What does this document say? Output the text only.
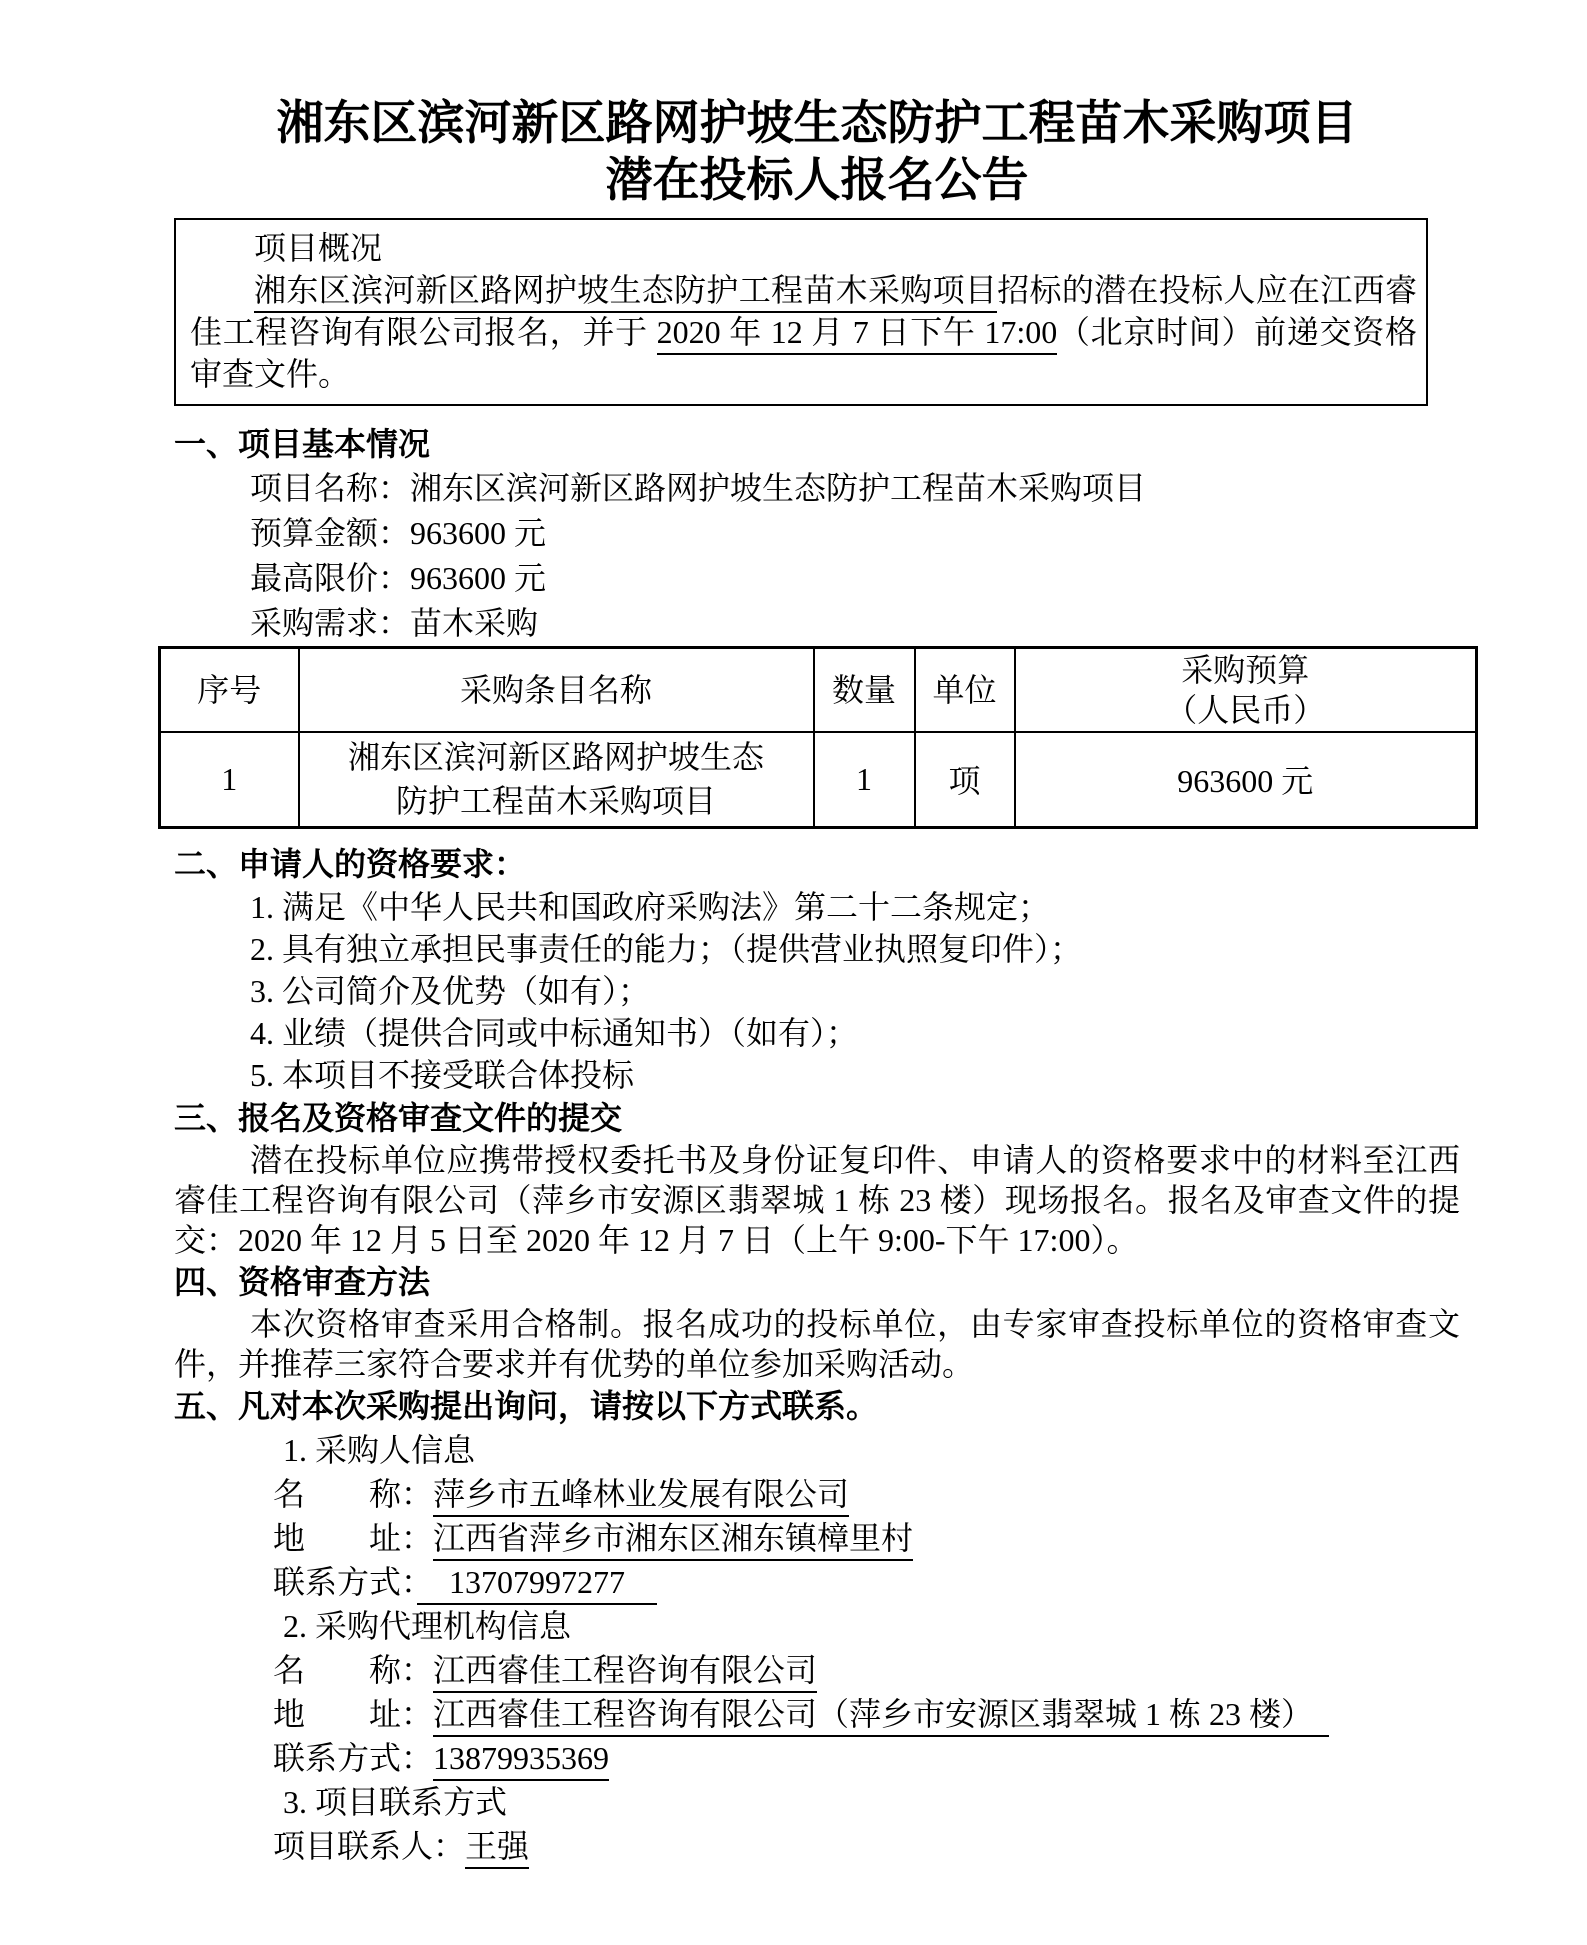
湘东区滨河新区路网护坡生态防护工程苗木采购项目
潜在投标人报名公告
项目概况

湘东区滨河新区路网护坡生态防护工程苗木采购项目招标的潜在投标人应在江西睿佳工程咨询有限公司报名，并于 2020 年 12 月 7 日下午 17:00（北京时间）前递交资格审查文件。

一、项目基本情况
项目名称：湘东区滨河新区路网护坡生态防护工程苗木采购项目
预算金额：963600 元
最高限价：963600 元
采购需求：苗木采购
序号	采购条目名称	数量	单位	采购预算
（人民币）

1	湘东区滨河新区路网护坡生态防护工程苗木采购项目	1	项	963600 元
二、申请人的资格要求：
1. 满足《中华人民共和国政府采购法》第二十二条规定；
2. 具有独立承担民事责任的能力；（提供营业执照复印件）；
3. 公司简介及优势（如有）；
4. 业绩（提供合同或中标通知书）（如有）；
5. 本项目不接受联合体投标
三、报名及资格审查文件的提交

潜在投标单位应携带授权委托书及身份证复印件、申请人的资格要求中的材料至江西睿佳工程咨询有限公司（萍乡市安源区翡翠城 1 栋 23 楼）现场报名。报名及审查文件的提交：2020 年 12 月 5 日至 2020 年 12 月 7 日（上午 9:00-下午 17:00）。

四、资格审查方法

本次资格审查采用合格制。报名成功的投标单位，由专家审查投标单位的资格审查文件，并推荐三家符合要求并有优势的单位参加采购活动。

五、凡对本次采购提出询问，请按以下方式联系。
1. 采购人信息
名　　称：萍乡市五峰林业发展有限公司
地　　址：江西省萍乡市湘东区湘东镇樟里村
联系方式：　13707997277　
2. 采购代理机构信息
名　　称：江西睿佳工程咨询有限公司
地　　址：江西睿佳工程咨询有限公司（萍乡市安源区翡翠城 1 栋 23 楼）　
联系方式：13879935369
3. 项目联系方式
项目联系人：王强
